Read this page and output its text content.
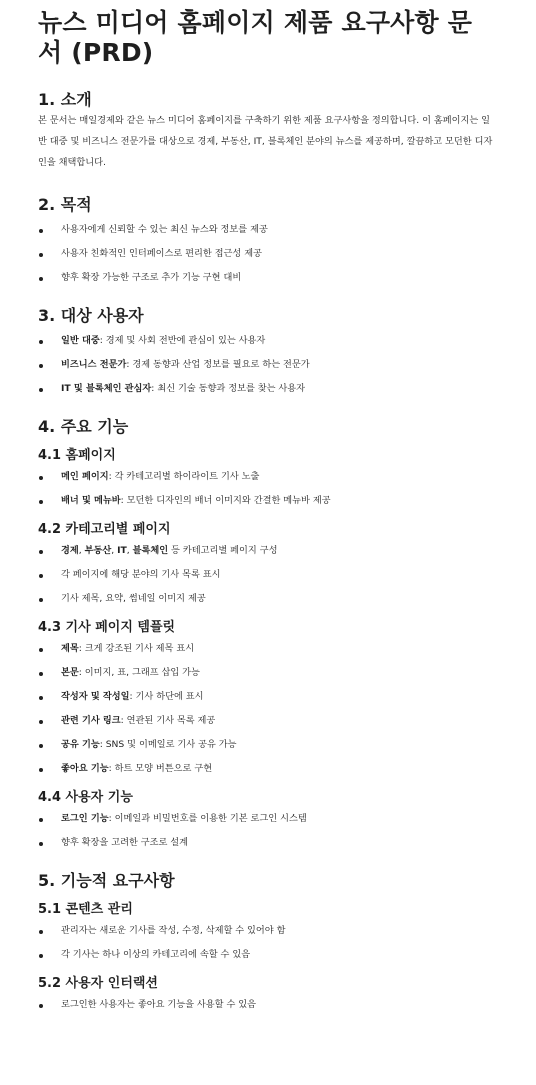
뉴스 미디어 홈페이지 제품 요구사항 문서 (PRD)
1. 소개

본 문서는 매일경제와 같은 뉴스 미디어 홈페이지를 구축하기 위한 제품 요구사항을 정의합니다. 이 홈페이지는 일반 대중 및 비즈니스 전문가를 대상으로 경제, 부동산, IT, 블록체인 분야의 뉴스를 제공하며, 깔끔하고 모던한 디자인을 채택합니다.

2. 목적
사용자에게 신뢰할 수 있는 최신 뉴스와 정보를 제공
사용자 친화적인 인터페이스로 편리한 접근성 제공
향후 확장 가능한 구조로 추가 기능 구현 대비
3. 대상 사용자
일반 대중: 경제 및 사회 전반에 관심이 있는 사용자
비즈니스 전문가: 경제 동향과 산업 정보를 필요로 하는 전문가
IT 및 블록체인 관심자: 최신 기술 동향과 정보를 찾는 사용자
4. 주요 기능
4.1 홈페이지
메인 페이지: 각 카테고리별 하이라이트 기사 노출
배너 및 메뉴바: 모던한 디자인의 배너 이미지와 간결한 메뉴바 제공
4.2 카테고리별 페이지
경제, 부동산, IT, 블록체인 등 카테고리별 페이지 구성
각 페이지에 해당 분야의 기사 목록 표시
기사 제목, 요약, 썸네일 이미지 제공
4.3 기사 페이지 템플릿
제목: 크게 강조된 기사 제목 표시
본문: 이미지, 표, 그래프 삽입 가능
작성자 및 작성일: 기사 하단에 표시
관련 기사 링크: 연관된 기사 목록 제공
공유 기능: SNS 및 이메일로 기사 공유 가능
좋아요 기능: 하트 모양 버튼으로 구현
4.4 사용자 기능
로그인 기능: 이메일과 비밀번호를 이용한 기본 로그인 시스템
향후 확장을 고려한 구조로 설계
5. 기능적 요구사항
5.1 콘텐츠 관리
관리자는 새로운 기사를 작성, 수정, 삭제할 수 있어야 함
각 기사는 하나 이상의 카테고리에 속할 수 있음
5.2 사용자 인터랙션
로그인한 사용자는 좋아요 기능을 사용할 수 있음
